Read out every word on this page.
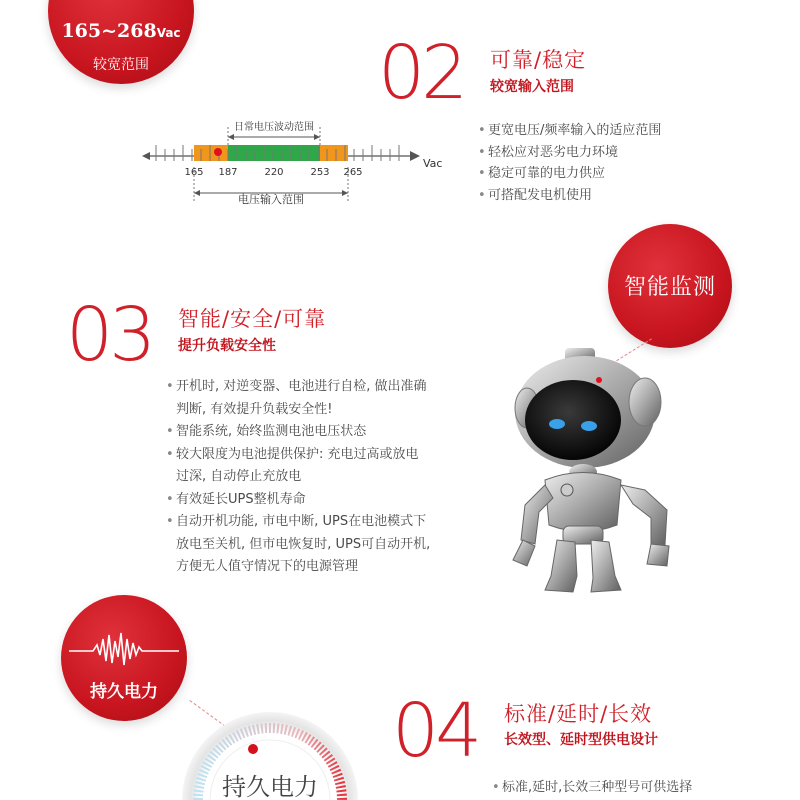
165~268Vac
较宽范围	02 可靠/稳定
较宽输入范围
• 更宽电压/频率输入的适应范围
• 轻松应对恶劣电力环境
• 稳定可靠的电力供应
• 可搭配发电机使用
日常电压波动范围
电压输入范围
Vac
165 187	220	253 265
智能监测
03 智能/安全/可靠
提升负载安全性
• 开机时, 对逆变器、电池进行自检, 做出准确
判断, 有效提升负载安全性!
• 智能系统, 始终监测电池电压状态
• 较大限度为电池提供保护: 充电过高或放电
过深, 自动停止充放电
• 有效延长UPS整机寿命
• 自动开机功能, 市电中断, UPS在电池模式下
放电至关机, 但市电恢复时, UPS可自动开机,
方便无人值守情况下的电源管理
持久电力
持久电力
04 标准/延时/长效
长效型、延时型供电设计
• 标准,延时,长效三种型号可供选择
